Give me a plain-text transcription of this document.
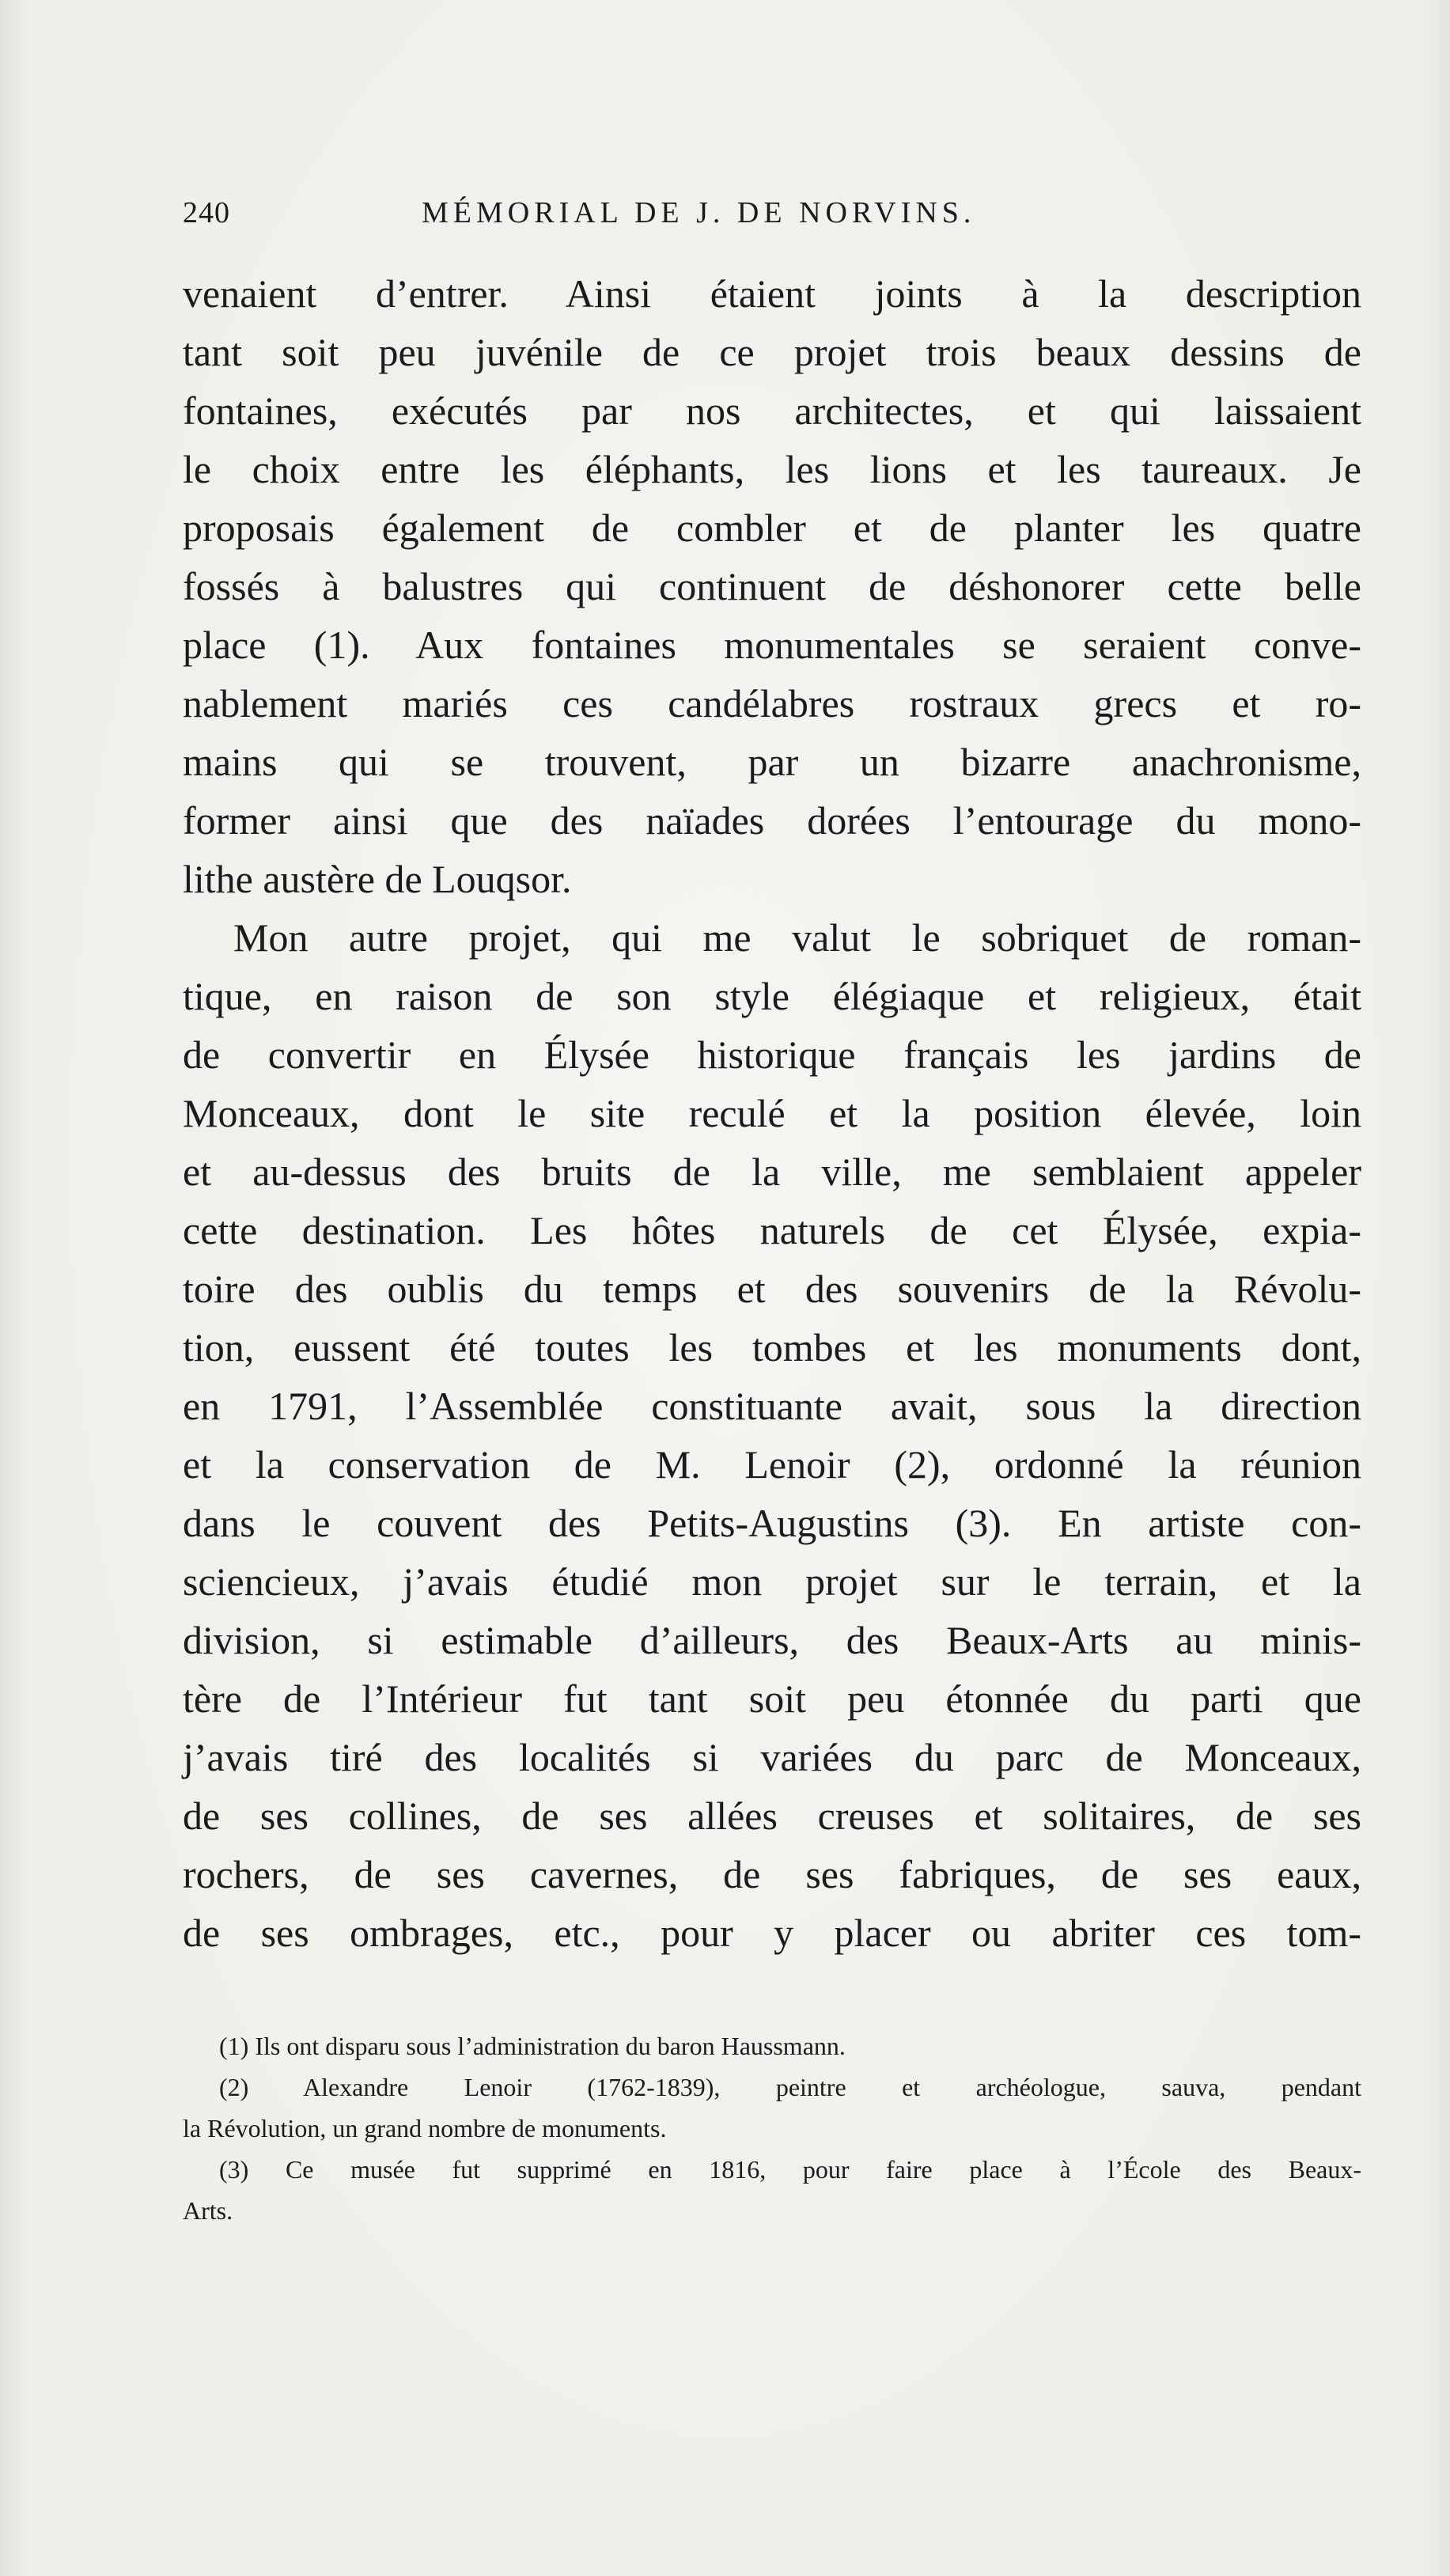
240	MÉMORIAL DE J. DE NORVINS.
venaient d’entrer. Ainsi étaient joints à la description
tant soit peu juvénile de ce projet trois beaux dessins de
fontaines, exécutés par nos architectes, et qui laissaient
le choix entre les éléphants, les lions et les taureaux. Je
proposais également de combler et de planter les quatre
fossés à balustres qui continuent de déshonorer cette belle
place (1). Aux fontaines monumentales se seraient conve-
nablement mariés ces candélabres rostraux grecs et ro-
mains qui se trouvent, par un bizarre anachronisme,
former ainsi que des naïades dorées l’entourage du mono-
lithe austère de Louqsor.
Mon autre projet, qui me valut le sobriquet de roman-
tique, en raison de son style élégiaque et religieux, était
de convertir en Élysée historique français les jardins de
Monceaux, dont le site reculé et la position élevée, loin
et au-dessus des bruits de la ville, me semblaient appeler
cette destination. Les hôtes naturels de cet Élysée, expia-
toire des oublis du temps et des souvenirs de la Révolu-
tion, eussent été toutes les tombes et les monuments dont,
en 1791, l’Assemblée constituante avait, sous la direction
et la conservation de M. Lenoir (2), ordonné la réunion
dans le couvent des Petits-Augustins (3). En artiste con-
sciencieux, j’avais étudié mon projet sur le terrain, et la
division, si estimable d’ailleurs, des Beaux-Arts au minis-
tère de l’Intérieur fut tant soit peu étonnée du parti que
j’avais tiré des localités si variées du parc de Monceaux,
de ses collines, de ses allées creuses et solitaires, de ses
rochers, de ses cavernes, de ses fabriques, de ses eaux,
de ses ombrages, etc., pour y placer ou abriter ces tom-
(1) Ils ont disparu sous l’administration du baron Haussmann.
(2) Alexandre Lenoir (1762-1839), peintre et archéologue, sauva, pendant
la Révolution, un grand nombre de monuments.
(3) Ce musée fut supprimé en 1816, pour faire place à l’École des Beaux-
Arts.
